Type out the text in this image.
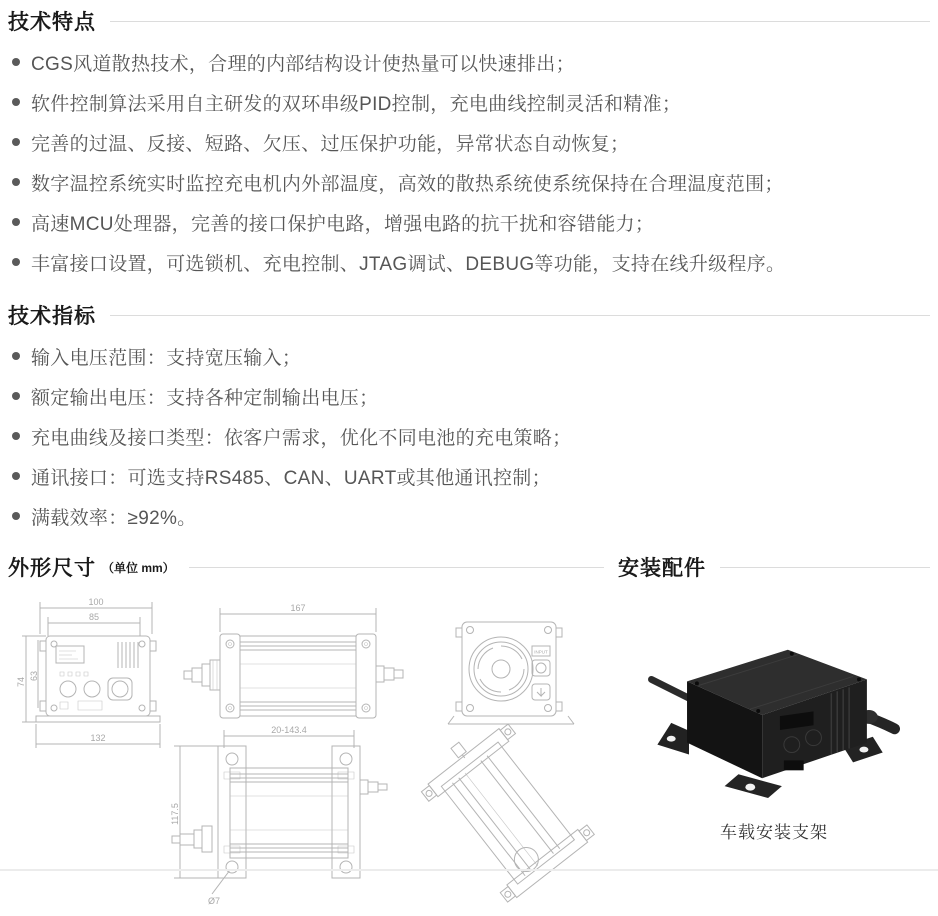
技术特点
CGS风道散热技术，合理的内部结构设计使热量可以快速排出；
软件控制算法采用自主研发的双环串级PID控制，充电曲线控制灵活和精准；
完善的过温、反接、短路、欠压、过压保护功能，异常状态自动恢复；
数字温控系统实时监控充电机内外部温度，高效的散热系统使系统保持在合理温度范围；
高速MCU处理器，完善的接口保护电路，增强电路的抗干扰和容错能力；
丰富接口设置，可选锁机、充电控制、JTAG调试、DEBUG等功能，支持在线升级程序。
技术指标
输入电压范围：支持宽压输入；
额定输出电压：支持各种定制输出电压；
充电曲线及接口类型：依客户需求，优化不同电池的充电策略；
通讯接口：可选支持RS485、CAN、UART或其他通讯控制；
满载效率：≥92%。
外形尺寸 （单位 mm）
100
85
74
63
132
167
INPUT
20-143.4
117.5
Ø7
安装配件
车载安装支架
